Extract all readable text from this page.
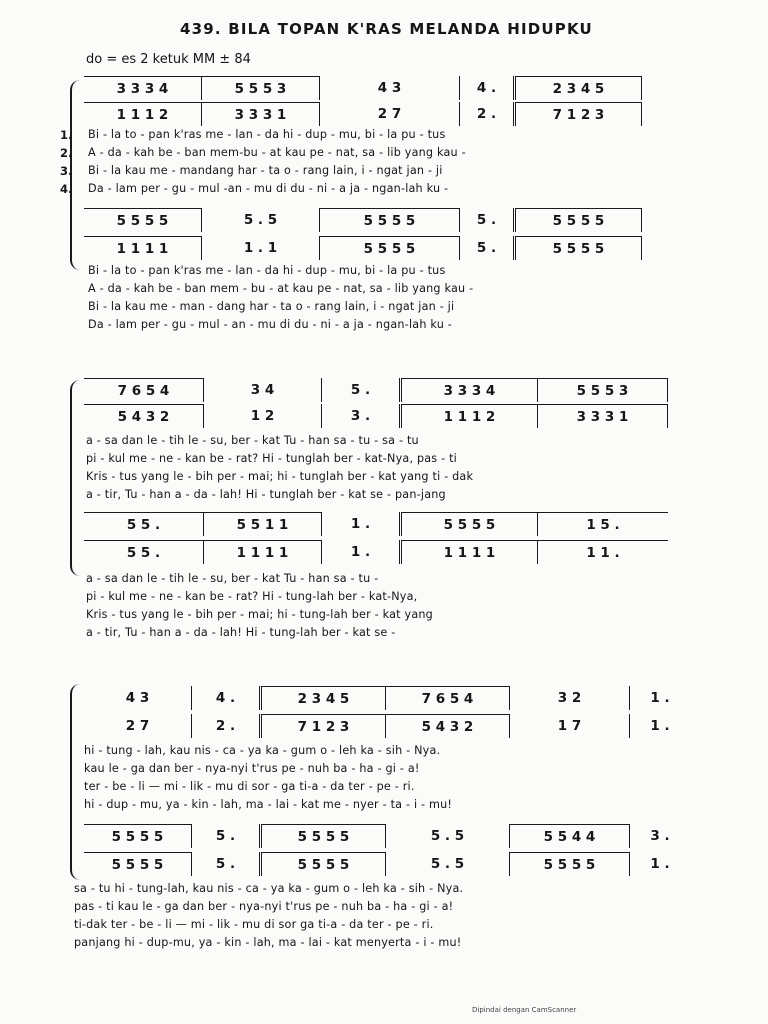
439. BILA TOPAN K'RAS MELANDA HIDUPKU
do = es 2 ketuk MM ± 84
3 3 3 4	5 5 5 3	4 3	4 .	2 3 4 5
1 1 1 2	3 3 3 1	2 7	2 .	7 1 2 3
1.
2.
3.
4.
Bi - la to - pan k'ras me - lan - da hi - dup - mu, bi - la pu - tus
A - da - kah be - ban mem-bu - at kau pe - nat, sa - lib yang kau -
Bi - la kau me - mandang har - ta o - rang lain, i - ngat jan - ji
Da - lam per - gu - mul -an - mu di du - ni - a ja - ngan-lah ku -
5 5 5 5	5 . 5	5 5 5 5	5 .	5 5 5 5
1 1 1 1	1 . 1	5 5 5 5	5 .	5 5 5 5
Bi - la to - pan k'ras me - lan - da hi - dup - mu, bi - la pu - tus
A - da - kah be - ban mem - bu - at kau pe - nat, sa - lib yang kau -
Bi - la kau me - man - dang har - ta o - rang lain, i - ngat jan - ji
Da - lam per - gu - mul - an - mu di du - ni - a ja - ngan-lah ku -
7 6 5 4	3 4	5 .	3 3 3 4	5 5 5 3
5 4 3 2	1 2	3 .	1 1 1 2	3 3 3 1
a - sa dan le - tih le - su, ber - kat Tu - han sa - tu - sa - tu
pi - kul me - ne - kan be - rat? Hi - tunglah ber - kat-Nya, pas - ti
Kris - tus yang le - bih per - mai; hi - tunglah ber - kat yang ti - dak
a - tir, Tu - han a - da - lah! Hi - tunglah ber - kat se - pan-jang
5 5 .	5 5 1 1	1 .	5 5 5 5	1 5 .
5 5 .	1 1 1 1	1 .	1 1 1 1	1 1 .
a - sa dan le - tih le - su, ber - kat Tu - han sa - tu -
pi - kul me - ne - kan be - rat? Hi - tung-lah ber - kat-Nya,
Kris - tus yang le - bih per - mai; hi - tung-lah ber - kat yang
a - tir, Tu - han a - da - lah! Hi - tung-lah ber - kat se -
4 3	4 .	2 3 4 5	7 6 5 4	3 2	1 .
2 7	2 .	7 1 2 3	5 4 3 2	1 7	1 .
hi - tung - lah, kau nis - ca - ya ka - gum o - leh ka - sih - Nya.
kau le - ga dan ber - nya-nyi t'rus pe - nuh ba - ha - gi - a!
ter - be - li — mi - lik - mu di sor - ga ti-a - da ter - pe - ri.
hi - dup - mu, ya - kin - lah, ma - lai - kat me - nyer - ta - i - mu!
5 5 5 5	5 .	5 5 5 5	5 . 5	5 5 4 4	3 .
5 5 5 5	5 .	5 5 5 5	5 . 5	5 5 5 5	1 .
sa - tu hi - tung-lah, kau nis - ca - ya ka - gum o - leh ka - sih - Nya.
pas - ti kau le - ga dan ber - nya-nyi t'rus pe - nuh ba - ha - gi - a!
ti-dak ter - be - li — mi - lik - mu di sor ga ti-a - da ter - pe - ri.
panjang hi - dup-mu, ya - kin - lah, ma - lai - kat menyerta - i - mu!
Dipindai dengan CamScanner
